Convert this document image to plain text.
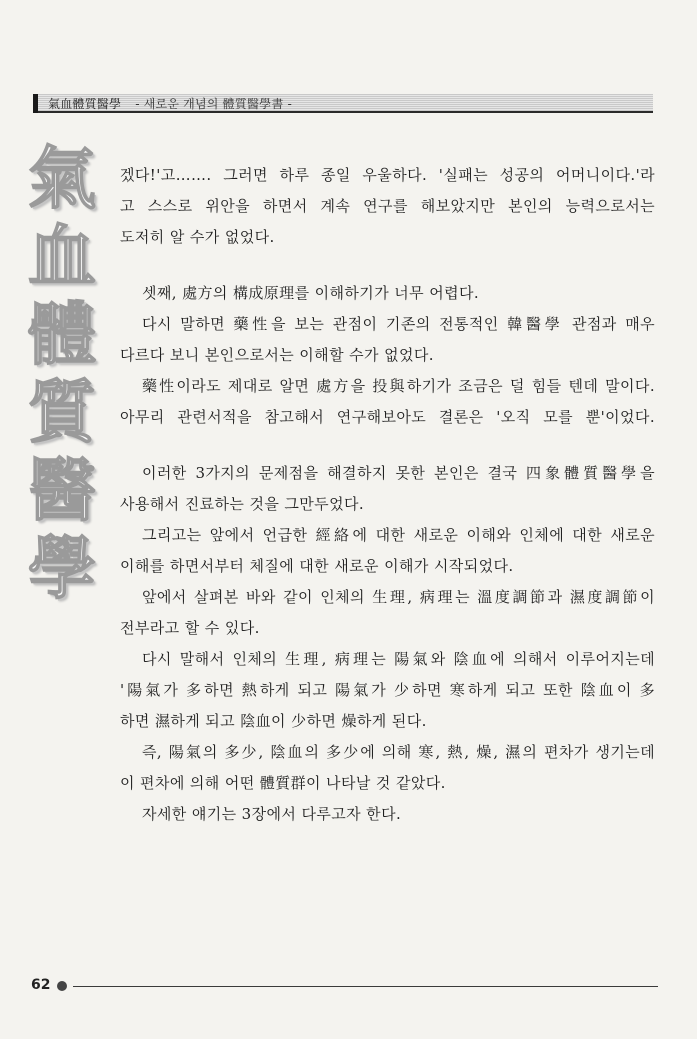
氣血體質醫學 - 새로운 개념의 體質醫學書 -
氣
血
體
質
醫
學
겠다!'고……. 그러면 하루 종일 우울하다. '실패는 성공의 어머니이다.'라
고 스스로 위안을 하면서 계속 연구를 해보았지만 본인의 능력으로서는
도저히 알 수가 없었다.
셋째, 處方의 構成原理를 이해하기가 너무 어렵다.
다시 말하면 藥性을 보는 관점이 기존의 전통적인 韓醫學 관점과 매우
다르다 보니 본인으로서는 이해할 수가 없었다.
藥性이라도 제대로 알면 處方을 投與하기가 조금은 덜 힘들 텐데 말이다.
아무리 관련서적을 참고해서 연구해보아도 결론은 '오직 모를 뿐'이었다.
이러한 3가지의 문제점을 해결하지 못한 본인은 결국 四象體質醫學을
사용해서 진료하는 것을 그만두었다.
그리고는 앞에서 언급한 經絡에 대한 새로운 이해와 인체에 대한 새로운
이해를 하면서부터 체질에 대한 새로운 이해가 시작되었다.
앞에서 살펴본 바와 같이 인체의 生理, 病理는 溫度調節과 濕度調節이
전부라고 할 수 있다.
다시 말해서 인체의 生理, 病理는 陽氣와 陰血에 의해서 이루어지는데
'陽氣가 多하면 熱하게 되고 陽氣가 少하면 寒하게 되고 또한 陰血이 多
하면 濕하게 되고 陰血이 少하면 燥하게 된다.
즉, 陽氣의 多少, 陰血의 多少에 의해 寒, 熱, 燥, 濕의 편차가 생기는데
이 편차에 의해 어떤 體質群이 나타날 것 같았다.
자세한 얘기는 3장에서 다루고자 한다.
62
